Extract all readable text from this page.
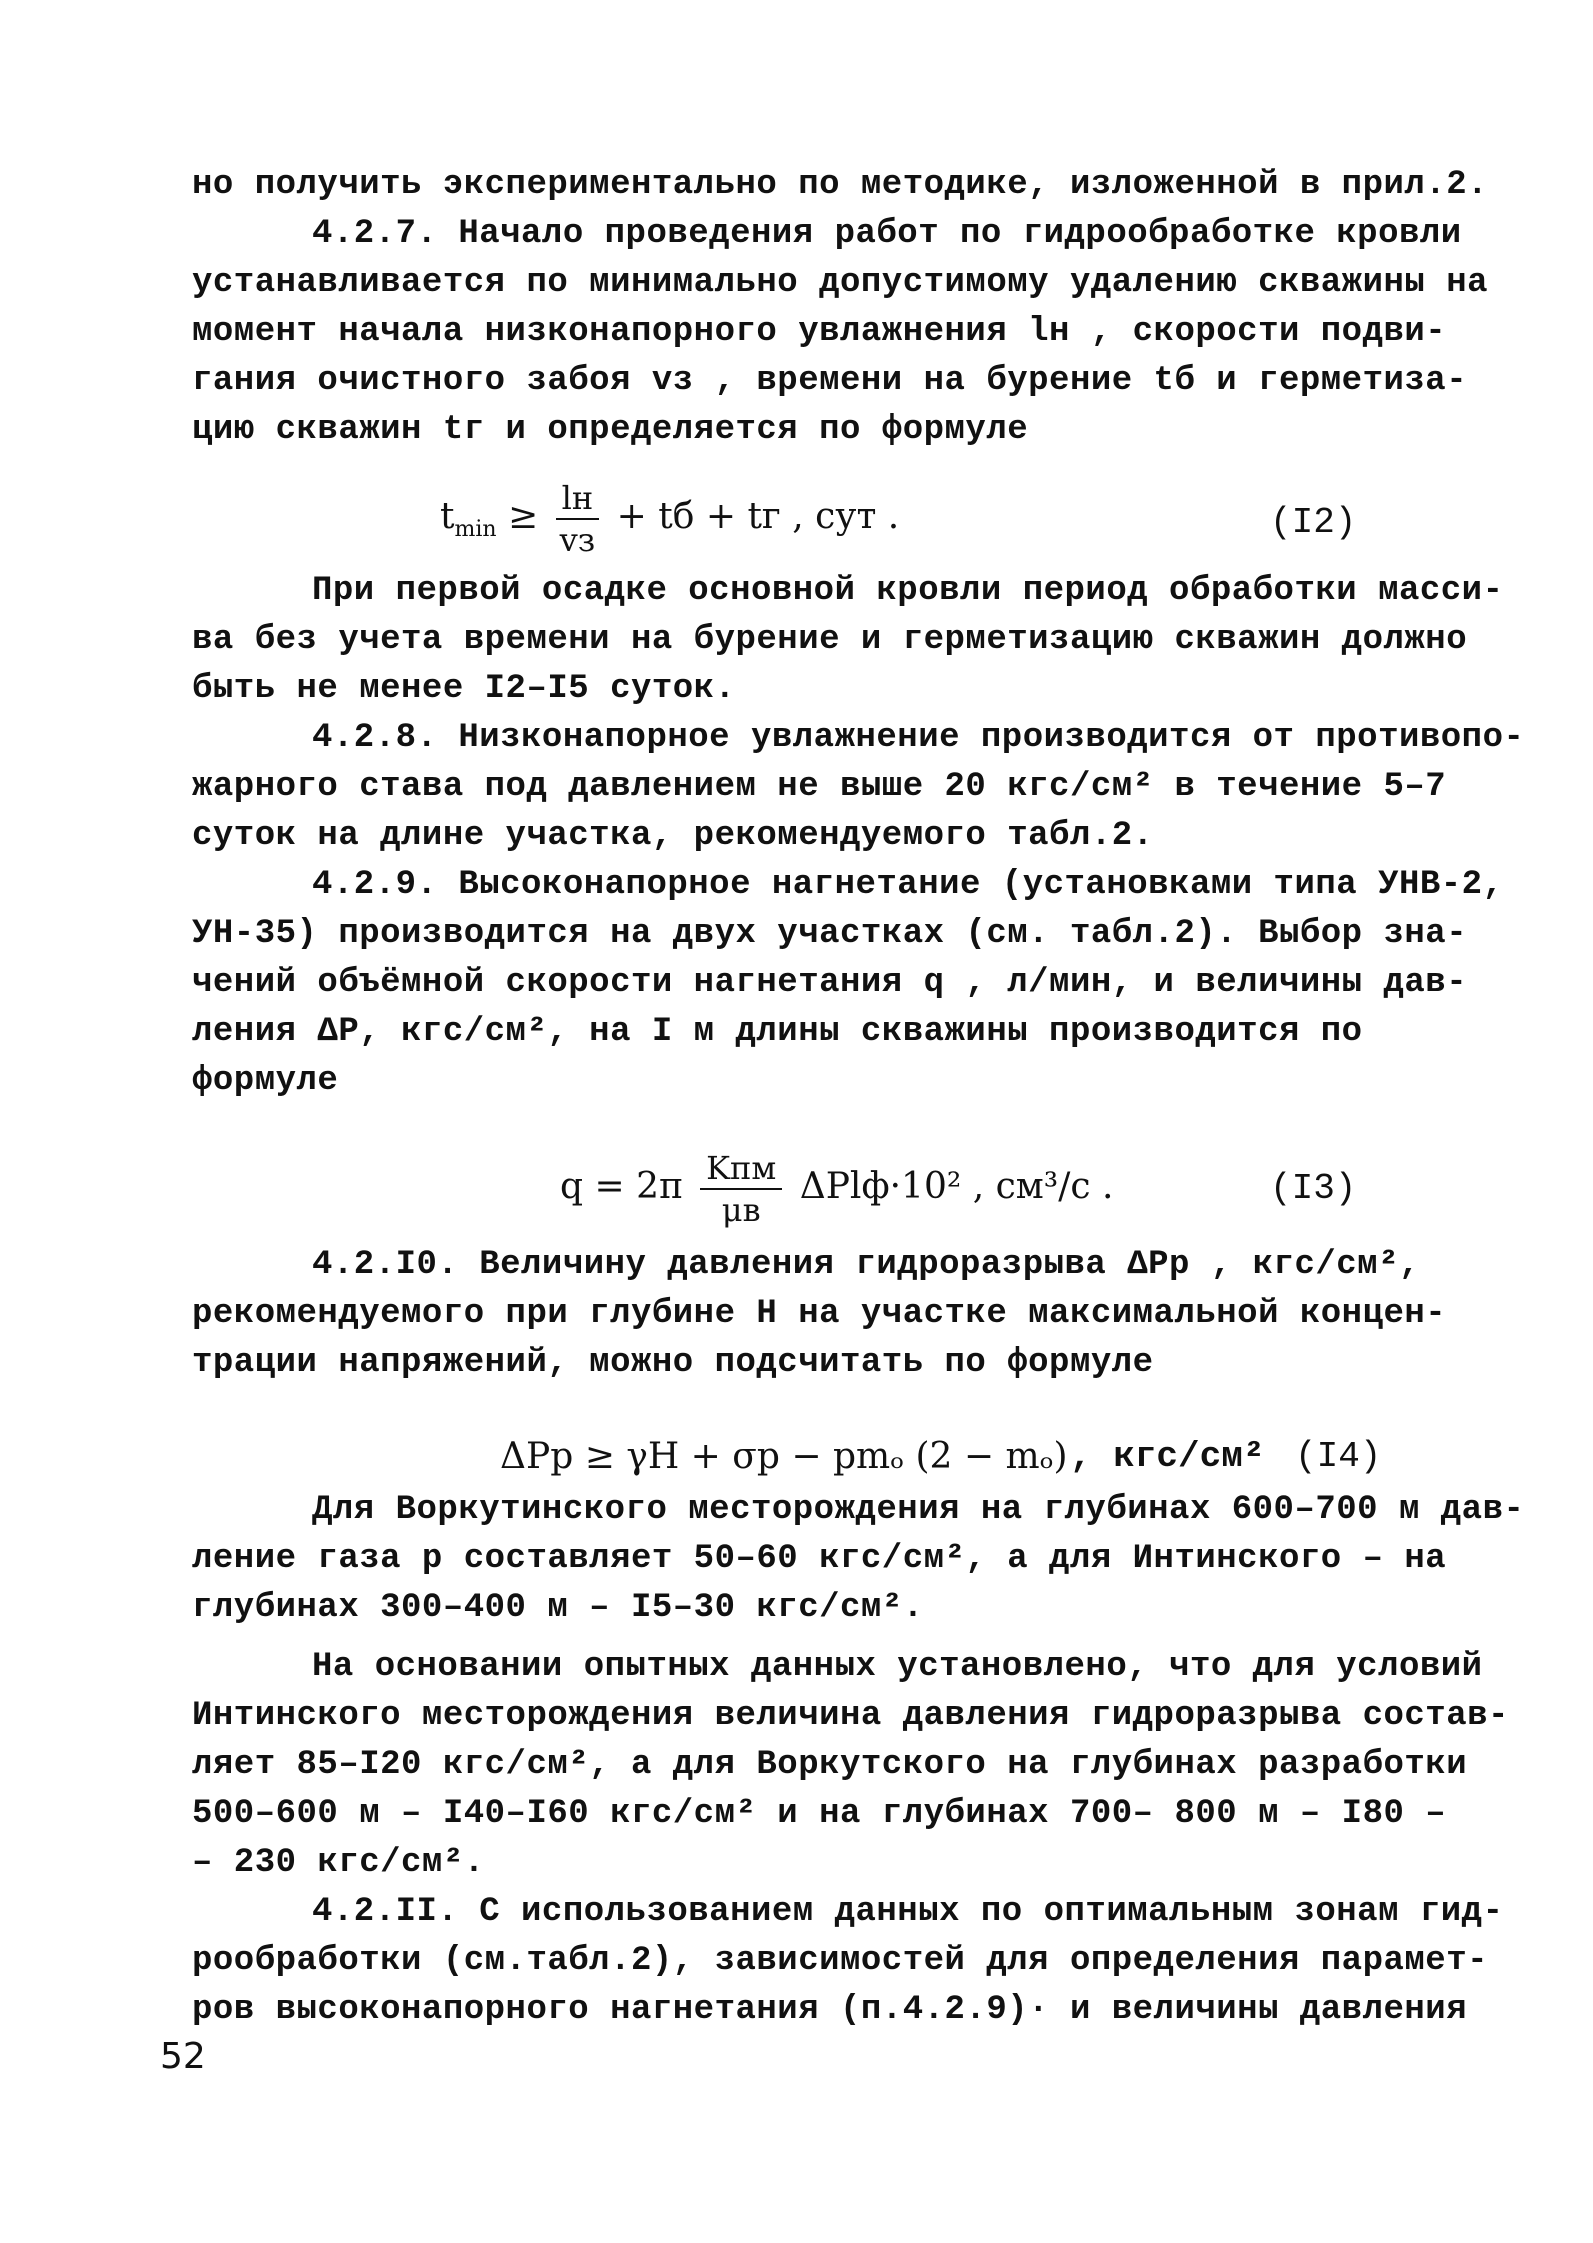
но получить экспериментально по методике, изложенной в прил.2.
4.2.7. Начало проведения работ по гидрообработке кровли
устанавливается по минимально допустимому удалению скважины на
момент начала низконапорного увлажнения lн , скорости подви-
гания очистного забоя vз , времени на бурение tб и герметиза-
цию скважин tг и определяется по формуле
$t_{min} \ge \frac{lн}{vз}$ + tб + tг , сут .	(I2)
При первой осадке основной кровли период обработки масси-
ва без учета времени на бурение и герметизацию скважин должно
быть не менее I2–I5 суток.
4.2.8. Низконапорное увлажнение производится от противопо-
жарного става под давлением не выше 20 кгс/см² в течение 5–7
суток на длине участка, рекомендуемого табл.2.
4.2.9. Высоконапорное нагнетание (установками типа УНВ-2,
УН-35) производится на двух участках (см. табл.2). Выбор зна-
чений объёмной скорости нагнетания q , л/мин, и величины дав-
ления ΔР, кгс/см², на I м длины скважины производится по
формуле
$q = 2\pi \frac{\text{Kпм}}{\mu в} \Delta Plф\cdot 10^2$ , см³/с .	(I3)
4.2.I0. Величину давления гидроразрыва ΔPр , кгс/см²,
рекомендуемого при глубине Н на участке максимальной концен-
трации напряжений, можно подсчитать по формуле
ΔPр ≥ γH + σр − pmₒ (2 − mₒ) , кгс/см² (I4)
Для Воркутинского месторождения на глубинах 600–700 м дав-
ление газа р составляет 50–60 кгс/см², а для Интинского – на
глубинах 300–400 м – I5–30 кгс/см².
На основании опытных данных установлено, что для условий
Интинского месторождения величина давления гидроразрыва состав-
ляет 85–I20 кгс/см², а для Воркутского на глубинах разработки
500–600 м – I40–I60 кгс/см² и на глубинах 700– 800 м – I80 –
– 230 кгс/см².
4.2.II. С использованием данных по оптимальным зонам гид-
рообработки (см.табл.2), зависимостей для определения парамет-
ров высоконапорного нагнетания (п.4.2.9)· и величины давления
52
